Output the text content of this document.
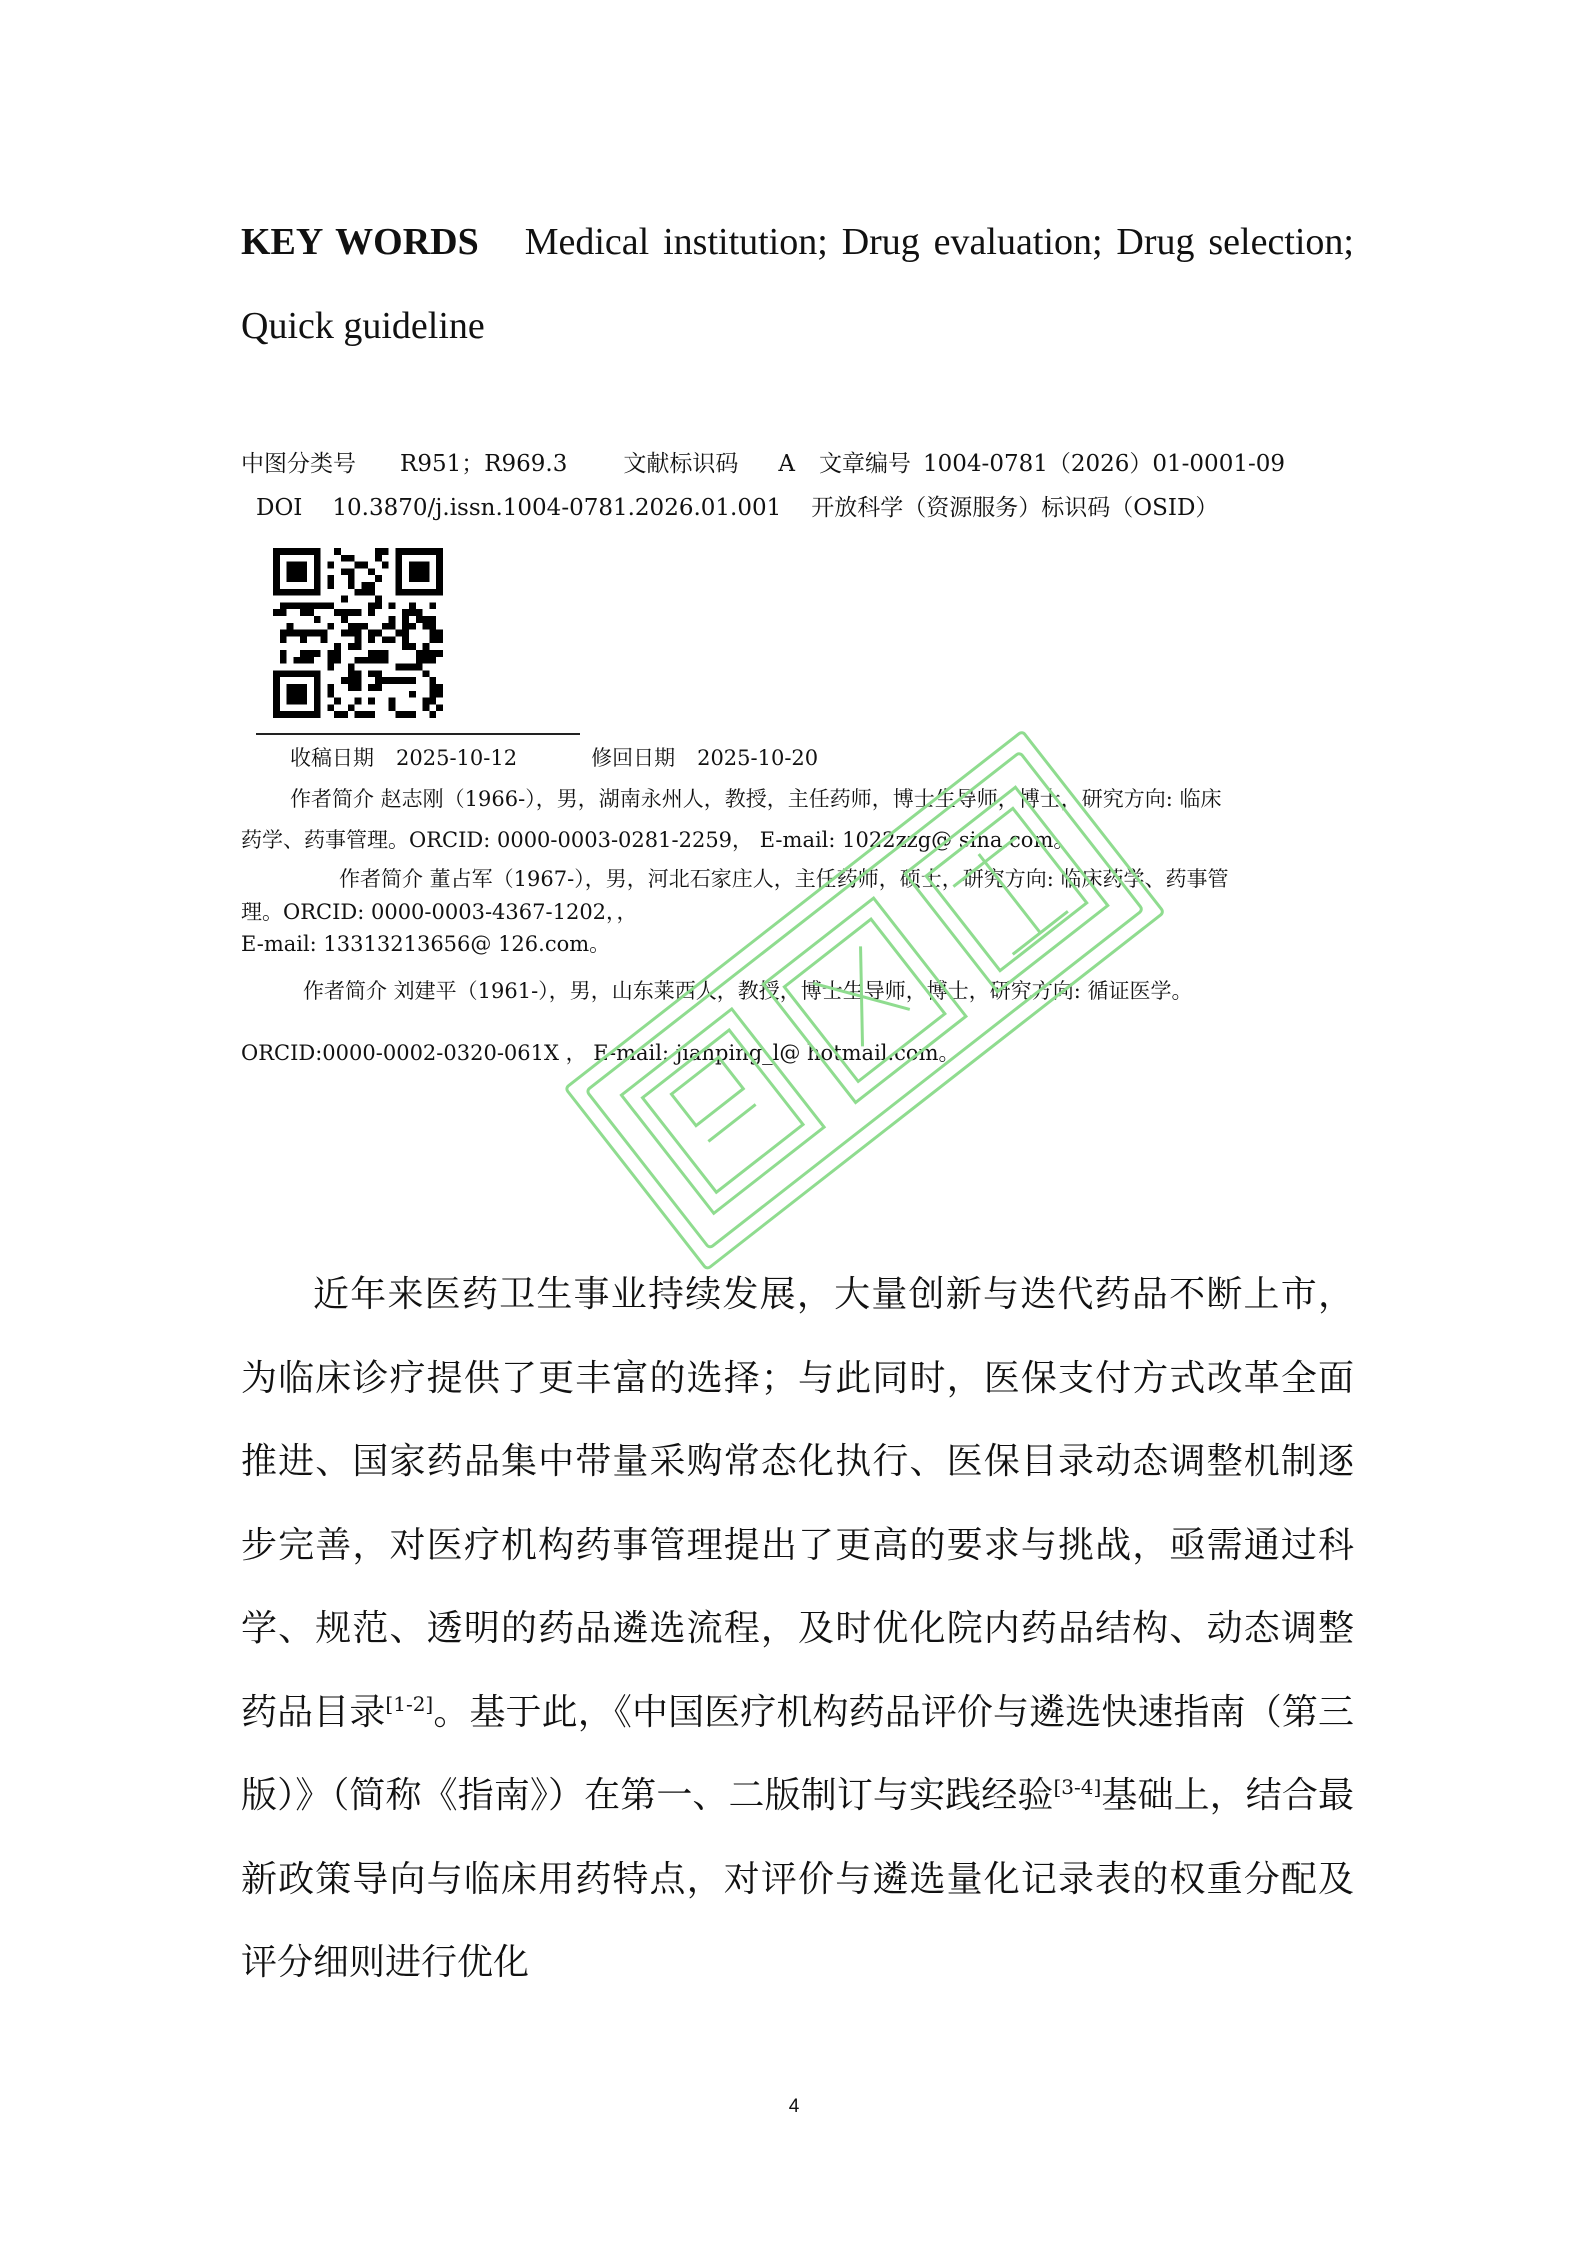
KEY WORDS Medical institution; Drug evaluation; Drug selection; Quick guideline
中图分类号 R951；R969.3 文献标识码 A 文章编号 1004-0781（2026）01-0001-09
DOI 10.3870/j.issn.1004-0781.2026.01.001 开放科学（资源服务）标识码（OSID）
收稿日期 2025-10-12	修回日期 2025-10-20
作者简介 赵志刚（1966-），男，湖南永州人，教授，主任药师，博士生导师，博士，研究方向: 临床
药学、药事管理。ORCID: 0000-0003-0281-2259， E-mail: 1022zzg@ sina.com。
作者简介 董占军（1967-），男，河北石家庄人，主任药师，硕士，研究方向: 临床药学、药事管
理。ORCID: 0000-0003-4367-1202，，
E-mail: 13313213656@ 126.com。
作者简介 刘建平（1961-），男，山东莱西人，教授，博士生导师，博士，研究方向: 循证医学。
ORCID:0000-0002-0320-061X ， E-mail: jianping_l@ hotmail.com。

近年来医药卫生事业持续发展，大量创新与迭代药品不断上市，为临床诊疗提供了更丰富的选择；与此同时，医保支付方式改革全面推进、国家药品集中带量采购常态化执行、医保目录动态调整机制逐步完善，对医疗机构药事管理提出了更高的要求与挑战，亟需通过科学、规范、透明的药品遴选流程，及时优化院内药品结构、动态调整药品目录[1-2]。基于此，《中国医疗机构药品评价与遴选快速指南（第三版）》（简称《指南》）在第一、二版制订与实践经验[3-4]基础上，结合最新政策导向与临床用药特点，对评价与遴选量化记录表的权重分配及评分细则进行优化

4
